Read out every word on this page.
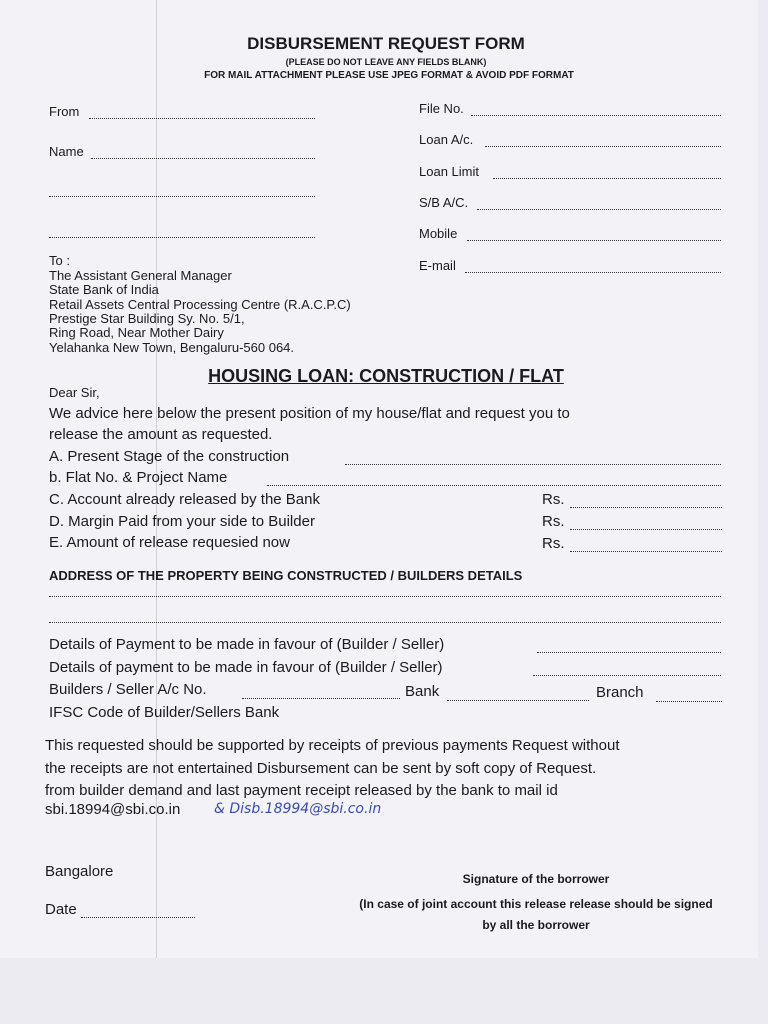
DISBURSEMENT REQUEST FORM

(PLEASE DO NOT LEAVE ANY FIELDS BLANK)

FOR MAIL ATTACHMENT PLEASE USE JPEG FORMAT & AVOID PDF FORMAT

From
Name
File No.
Loan A/c.
Loan Limit
S/B A/C.
Mobile
E-mail

To :

The Assistant General Manager

State Bank of India

Retail Assets Central Processing Centre (R.A.C.P.C)

Prestige Star Building Sy. No. 5/1,

Ring Road, Near Mother Dairy

Yelahanka New Town, Bengaluru-560 064.

HOUSING LOAN: CONSTRUCTION / FLAT

Dear Sir,

We advice here below the present position of my house/flat and request you to

release the amount as requested.

A. Present Stage of the construction
b. Flat No. & Project Name

C. Account already released by the Bank	Rs.

D. Margin Paid from your side to Builder	Rs.

E. Amount of release requesied now	Rs.

ADDRESS OF THE PROPERTY BEING CONSTRUCTED / BUILDERS DETAILS

Details of Payment to be made in favour of (Builder / Seller)
Details of payment to be made in favour of (Builder / Seller)

Builders / Seller A/c No.	Bank	Branch

IFSC Code of Builder/Sellers Bank

This requested should be supported by receipts of previous payments Request without

the receipts are not entertained Disbursement can be sent by soft copy of Request.

from builder demand and last payment receipt released by the bank to mail id

sbi.18994@sbi.co.in & Disb.18994@sbi.co.in

Bangalore

Date

Signature of the borrower

(In case of joint account this release release should be signed

by all the borrower
